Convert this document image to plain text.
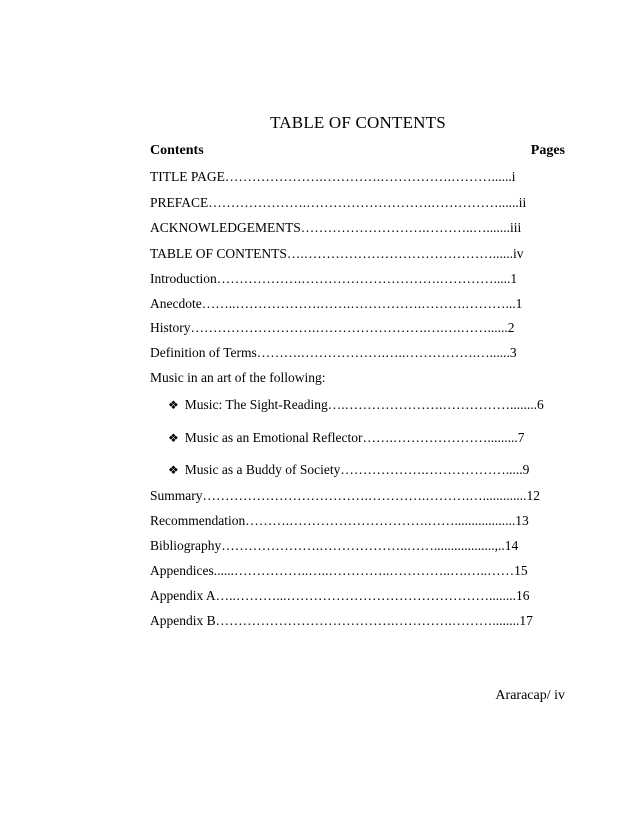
TABLE OF CONTENTS
Contents	Pages
TITLE PAGE………………….………….…………….………......i
PREFACE………………….……………………….……………......ii
ACKNOWLEDGEMENTS……………………….………..….......iii
TABLE OF CONTENTS….……………………………………......iv
Introduction……………….………………………….………….....1
Anecdote……..……………….…….…………….……….………...1
History……………………….…………………….….….……......2
Definition of Terms……….……………….…..…………….…......3
Music in an art of the following:
❖ Music: The Sight-Reading….………………….……………........6
❖ Music as an Emotional Reflector…….………………….........7
❖ Music as a Buddy of Society……………….……………….....9
Summary……………………………….………….……….….............12
Recommendation……….………………………….……..................13
Bibliography………………….………………..……..................,..14
Appendices......……………..…..…………..…………..….…..……15
Appendix A…..………...………………………………………........16
Appendix B………………………………….………….………........17
Araracap/ iv
